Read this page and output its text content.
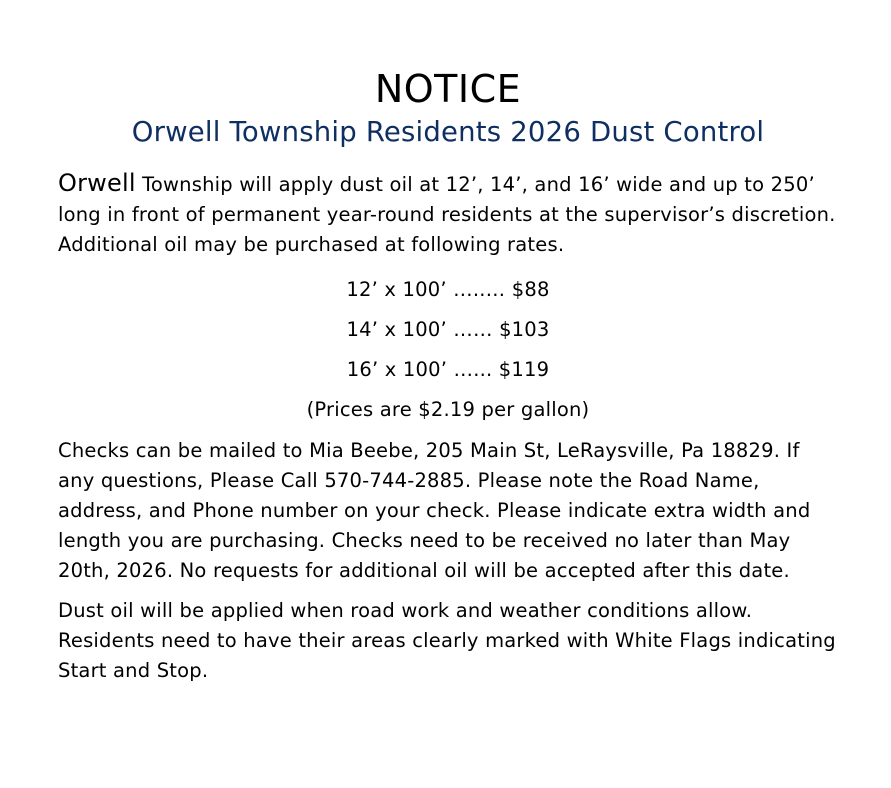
NOTICE
Orwell Township Residents 2026 Dust Control

Orwell Township will apply dust oil at 12’, 14’, and 16’ wide and up to 250’ long in front of permanent year-round residents at the supervisor’s discretion. Additional oil may be purchased at following rates.

12’ x 100’ …..… $88
14’ x 100’ …… $103
16’ x 100’ …... $119
(Prices are $2.19 per gallon)

Checks can be mailed to Mia Beebe, 205 Main St, LeRaysville, Pa 18829. If any questions, Please Call 570-744-2885. Please note the Road Name, address, and Phone number on your check. Please indicate extra width and length you are purchasing. Checks need to be received no later than May 20th, 2026. No requests for additional oil will be accepted after this date.

Dust oil will be applied when road work and weather conditions allow. Residents need to have their areas clearly marked with White Flags indicating Start and Stop.
